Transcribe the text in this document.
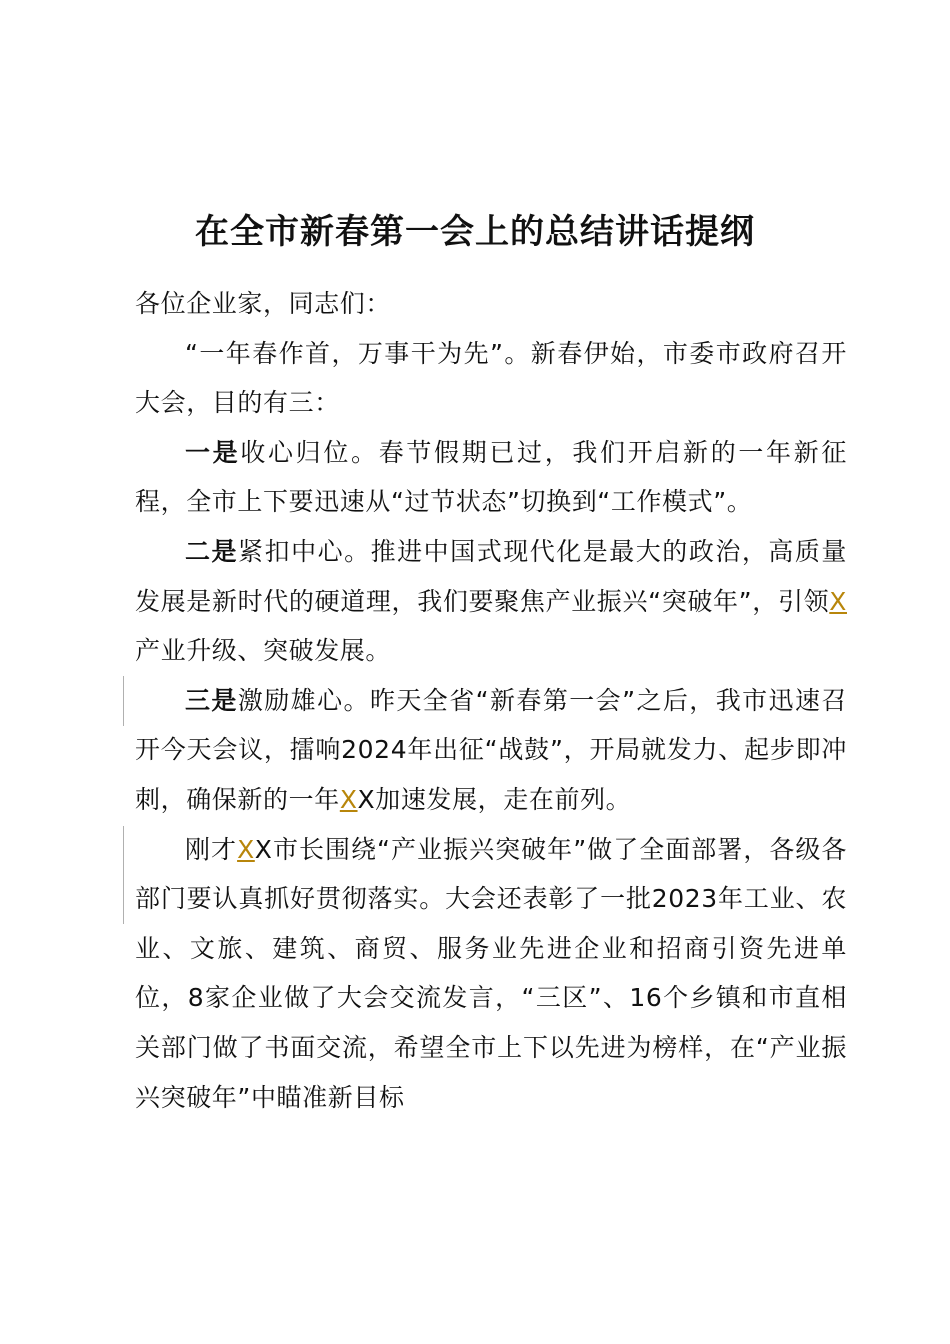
在全市新春第一会上的总结讲话提纲

各位企业家，同志们：

“一年春作首，万事干为先”。新春伊始，市委市政府召开大会，目的有三：

一是收心归位。春节假期已过，我们开启新的一年新征程，全市上下要迅速从“过节状态”切换到“工作模式”。

二是紧扣中心。推进中国式现代化是最大的政治，高质量发展是新时代的硬道理，我们要聚焦产业振兴“突破年”，引领X产业升级、突破发展。

三是激励雄心。昨天全省“新春第一会”之后，我市迅速召开今天会议，擂响2024年出征“战鼓”，开局就发力、起步即冲刺，确保新的一年XX加速发展，走在前列。

刚才XX市长围绕“产业振兴突破年”做了全面部署，各级各部门要认真抓好贯彻落实。大会还表彰了一批2023年工业、农业、文旅、建筑、商贸、服务业先进企业和招商引资先进单位，8家企业做了大会交流发言，“三区”、16个乡镇和市直相关部门做了书面交流，希望全市上下以先进为榜样，在“产业振兴突破年”中瞄准新目标
